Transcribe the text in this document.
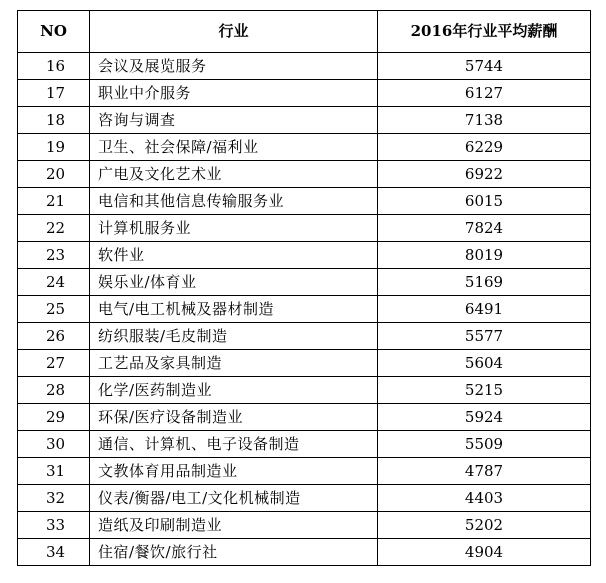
NO	行业	2016年行业平均薪酬
16	会议及展览服务	5744
17	职业中介服务	6127
18	咨询与调查	7138
19	卫生、社会保障/福利业	6229
20	广电及文化艺术业	6922
21	电信和其他信息传输服务业	6015
22	计算机服务业	7824
23	软件业	8019
24	娱乐业/体育业	5169
25	电气/电工机械及器材制造	6491
26	纺织服装/毛皮制造	5577
27	工艺品及家具制造	5604
28	化学/医药制造业	5215
29	环保/医疗设备制造业	5924
30	通信、计算机、电子设备制造	5509
31	文教体育用品制造业	4787
32	仪表/衡器/电工/文化机械制造	4403
33	造纸及印刷制造业	5202
34	住宿/餐饮/旅行社	4904
